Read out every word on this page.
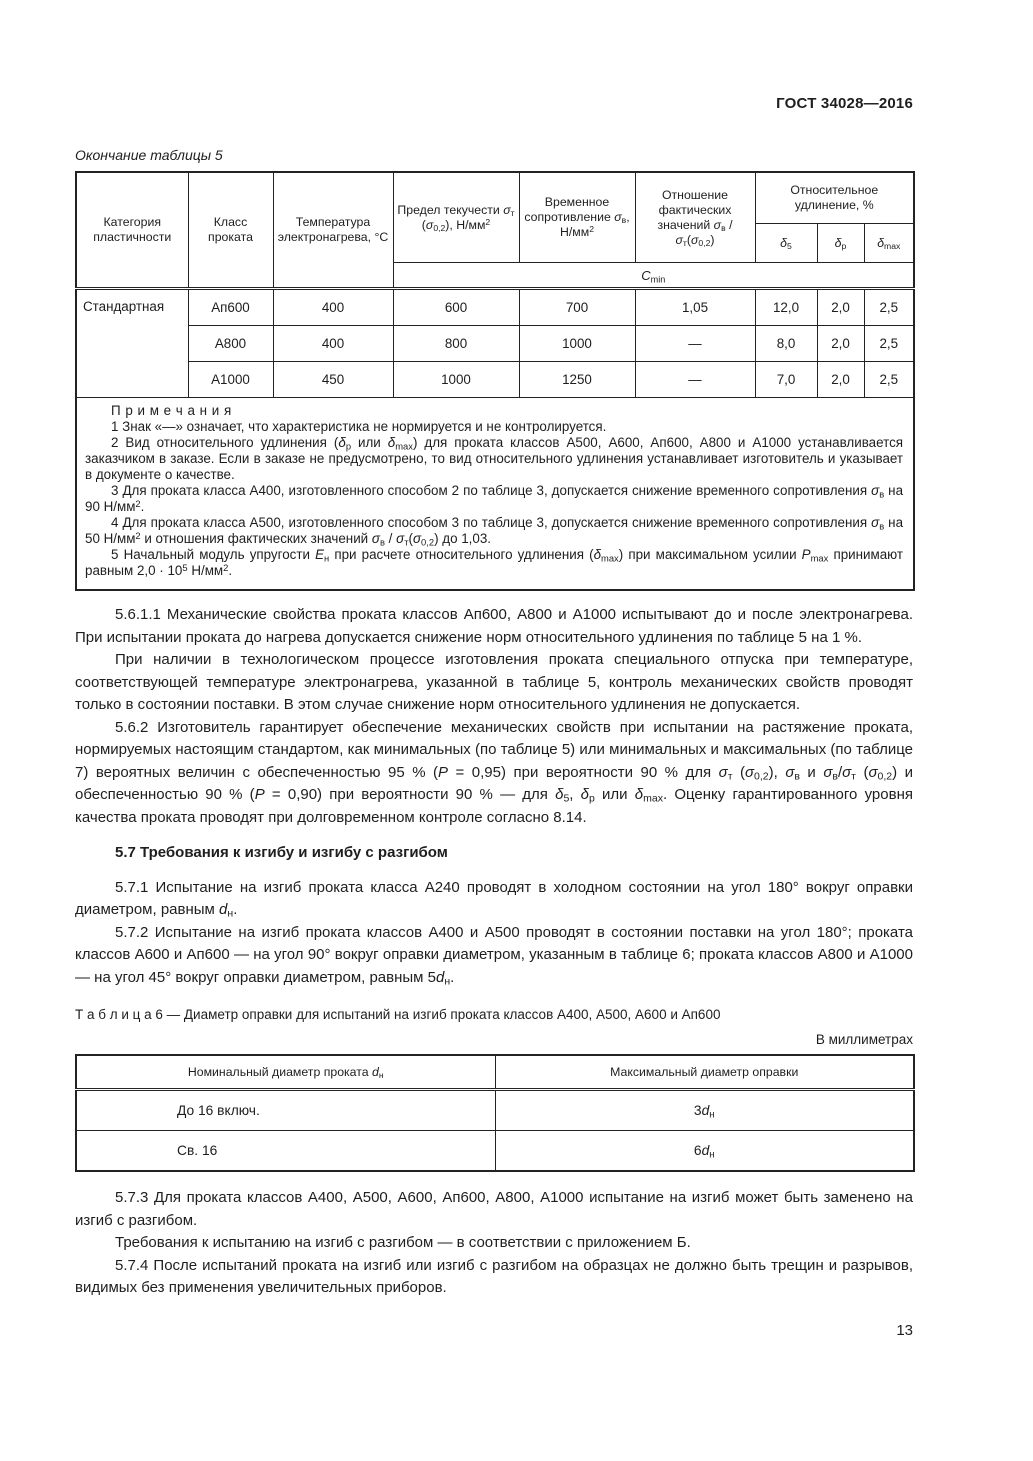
ГОСТ 34028—2016
Окончание таблицы 5
Категория пластичности	Класс проката	Температура электронагрева, °С	Предел текучести $\sigma_т$ $(\sigma_{0,2})$, $Н/мм^2$	Временное сопротивление $\sigma_в$, $Н/мм^2$	Отношение фактических значений $\sigma_в / \sigma_т(\sigma_{0,2})$	Относительное удлинение, %		
						$\delta_5$	$\delta_р$	$\delta_{max}$
			$C_{min}$
Стандартная	Ап600	400	600	700	1,05	12,0	2,0	2,5
	А800	400	800	1000	—	8,0	2,0	2,5
	А1000	450	1000	1250	—	7,0	2,0	2,5

П р и м е ч а н и я

1 Знак «—» означает, что характеристика не нормируется и не контролируется.

2 Вид относительного удлинения ($\delta_р$ или $\delta_{max}$) для проката классов А500, А600, Ап600, А800 и А1000 устанавливается заказчиком в заказе. Если в заказе не предусмотрено, то вид относительного удлинения устанавливает изготовитель и указывает в документе о качестве.

3 Для проката класса А400, изготовленного способом 2 по таблице 3, допускается снижение временного сопротивления $\sigma_в$ на 90 $Н/мм^2$.

4 Для проката класса А500, изготовленного способом 3 по таблице 3, допускается снижение временного сопротивления $\sigma_в$ на 50 $Н/мм^2$ и отношения фактических значений $\sigma_в / \sigma_т(\sigma_{0,2})$ до 1,03.

5 Начальный модуль упругости $E_н$ при расчете относительного удлинения $(\delta_{max})$ при максимальном усилии $P_{max}$ принимают равным $2,0 \cdot 10^5$ $Н/мм^2$.

5.6.1.1 Механические свойства проката классов Ап600, А800 и А1000 испытывают до и после электронагрева. При испытании проката до нагрева допускается снижение норм относительного удлинения по таблице 5 на 1 %.

При наличии в технологическом процессе изготовления проката специального отпуска при температуре, соответствующей температуре электронагрева, указанной в таблице 5, контроль механических свойств проводят только в состоянии поставки. В этом случае снижение норм относительного удлинения не допускается.

5.6.2 Изготовитель гарантирует обеспечение механических свойств при испытании на растяжение проката, нормируемых настоящим стандартом, как минимальных (по таблице 5) или минимальных и максимальных (по таблице 7) вероятных величин с обеспеченностью 95 % (P = 0,95) при вероятности 90 % для $\sigma_т$ $(\sigma_{0,2})$, $\sigma_в$ и $\sigma_в/\sigma_т$ $(\sigma_{0,2})$ и обеспеченностью 90 % (P = 0,90) при вероятности 90 % — для $\delta_5$, $\delta_р$ или $\delta_{max}$. Оценку гарантированного уровня качества проката проводят при долговременном контроле согласно 8.14.

5.7 Требования к изгибу и изгибу с разгибом

5.7.1 Испытание на изгиб проката класса А240 проводят в холодном состоянии на угол 180° вокруг оправки диаметром, равным $d_н$.

5.7.2 Испытание на изгиб проката классов А400 и А500 проводят в состоянии поставки на угол 180°; проката классов А600 и Ап600 — на угол 90° вокруг оправки диаметром, указанным в таблице 6; проката классов А800 и А1000 — на угол 45° вокруг оправки диаметром, равным $5d_н$.

Т а б л и ц а 6 — Диаметр оправки для испытаний на изгиб проката классов А400, А500, А600 и Ап600
В миллиметрах
Номинальный диаметр проката $d_н$	Максимальный диаметр оправки
До 16 включ.	$3d_н$
Св. 16	$6d_н$

5.7.3 Для проката классов А400, А500, А600, Ап600, А800, А1000 испытание на изгиб может быть заменено на изгиб с разгибом.

Требования к испытанию на изгиб с разгибом — в соответствии с приложением Б.

5.7.4 После испытаний проката на изгиб или изгиб с разгибом на образцах не должно быть трещин и разрывов, видимых без применения увеличительных приборов.

13
